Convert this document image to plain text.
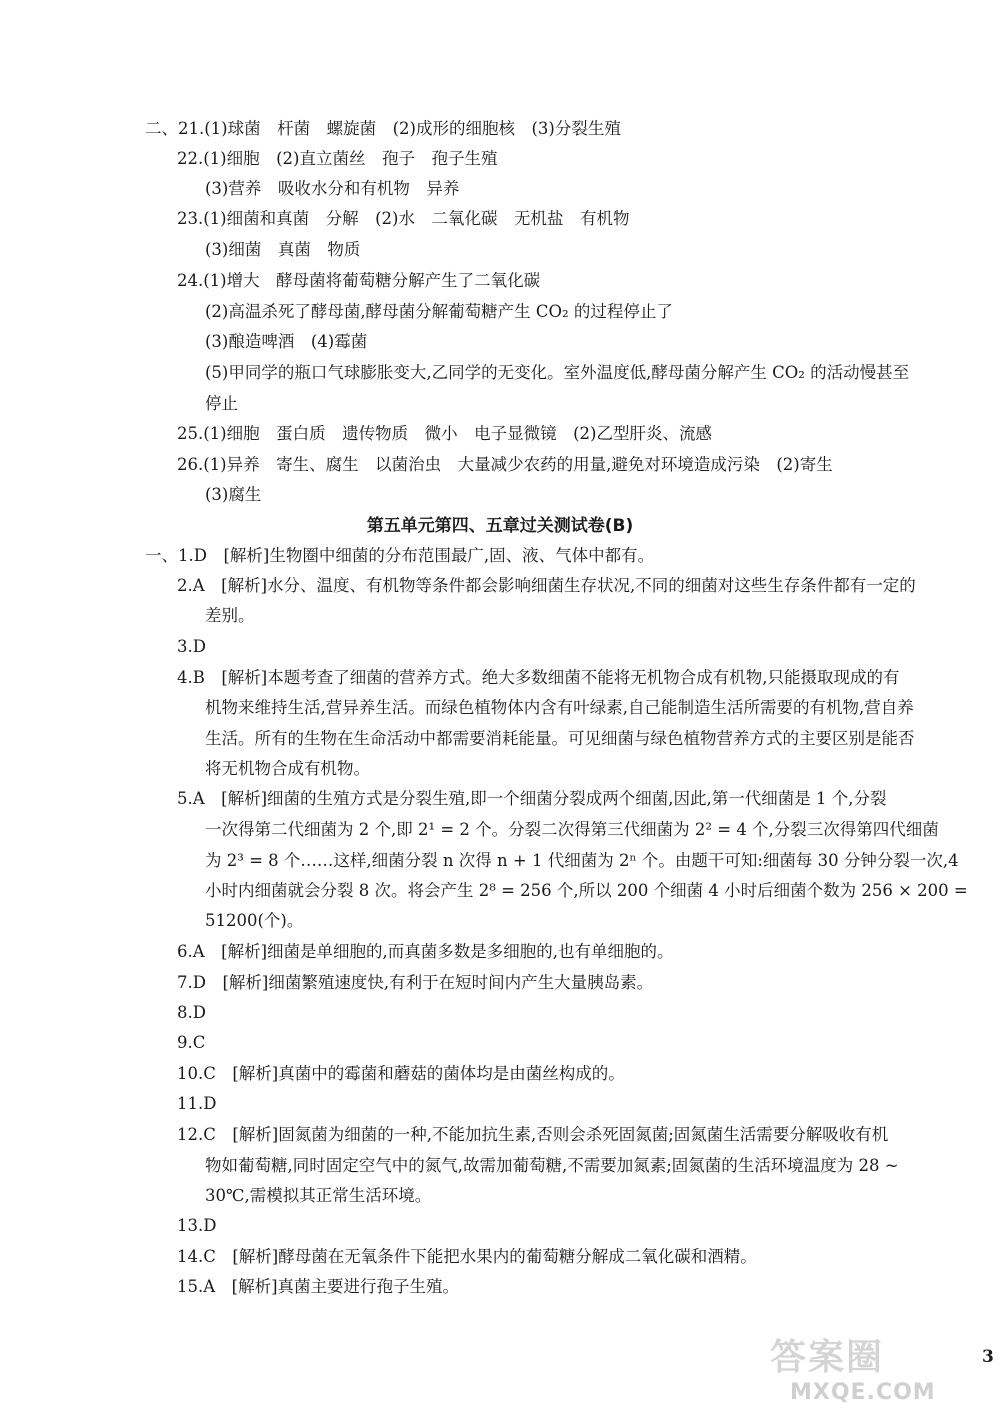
二、21.(1)球菌　杆菌　螺旋菌　(2)成形的细胞核　(3)分裂生殖
22.(1)细胞　(2)直立菌丝　孢子　孢子生殖
(3)营养　吸收水分和有机物　异养
23.(1)细菌和真菌　分解　(2)水　二氧化碳　无机盐　有机物
(3)细菌　真菌　物质
24.(1)增大　酵母菌将葡萄糖分解产生了二氧化碳
(2)高温杀死了酵母菌,酵母菌分解葡萄糖产生 CO₂ 的过程停止了
(3)酿造啤酒　(4)霉菌
(5)甲同学的瓶口气球膨胀变大,乙同学的无变化。室外温度低,酵母菌分解产生 CO₂ 的活动慢甚至
停止
25.(1)细胞　蛋白质　遗传物质　微小　电子显微镜　(2)乙型肝炎、流感
26.(1)异养　寄生、腐生　以菌治虫　大量减少农药的用量,避免对环境造成污染　(2)寄生
(3)腐生
第五单元第四、五章过关测试卷(B)
一、1.D　[解析]生物圈中细菌的分布范围最广,固、液、气体中都有。
2.A　[解析]水分、温度、有机物等条件都会影响细菌生存状况,不同的细菌对这些生存条件都有一定的
差别。
3.D
4.B　[解析]本题考查了细菌的营养方式。绝大多数细菌不能将无机物合成有机物,只能摄取现成的有
机物来维持生活,营异养生活。而绿色植物体内含有叶绿素,自己能制造生活所需要的有机物,营自养
生活。所有的生物在生命活动中都需要消耗能量。可见细菌与绿色植物营养方式的主要区别是能否
将无机物合成有机物。
5.A　[解析]细菌的生殖方式是分裂生殖,即一个细菌分裂成两个细菌,因此,第一代细菌是 1 个,分裂
一次得第二代细菌为 2 个,即 2¹ = 2 个。分裂二次得第三代细菌为 2² = 4 个,分裂三次得第四代细菌
为 2³ = 8 个……这样,细菌分裂 n 次得 n + 1 代细菌为 2ⁿ 个。由题干可知:细菌每 30 分钟分裂一次,4
小时内细菌就会分裂 8 次。将会产生 2⁸ = 256 个,所以 200 个细菌 4 小时后细菌个数为 256 × 200 =
51200(个)。
6.A　[解析]细菌是单细胞的,而真菌多数是多细胞的,也有单细胞的。
7.D　[解析]细菌繁殖速度快,有利于在短时间内产生大量胰岛素。
8.D
9.C
10.C　[解析]真菌中的霉菌和蘑菇的菌体均是由菌丝构成的。
11.D
12.C　[解析]固氮菌为细菌的一种,不能加抗生素,否则会杀死固氮菌;固氮菌生活需要分解吸收有机
物如葡萄糖,同时固定空气中的氮气,故需加葡萄糖,不需要加氮素;固氮菌的生活环境温度为 28 ~
30℃,需模拟其正常生活环境。
13.D
14.C　[解析]酵母菌在无氧条件下能把水果内的葡萄糖分解成二氧化碳和酒精。
15.A　[解析]真菌主要进行孢子生殖。
3
答案圈
MXQE.COM
